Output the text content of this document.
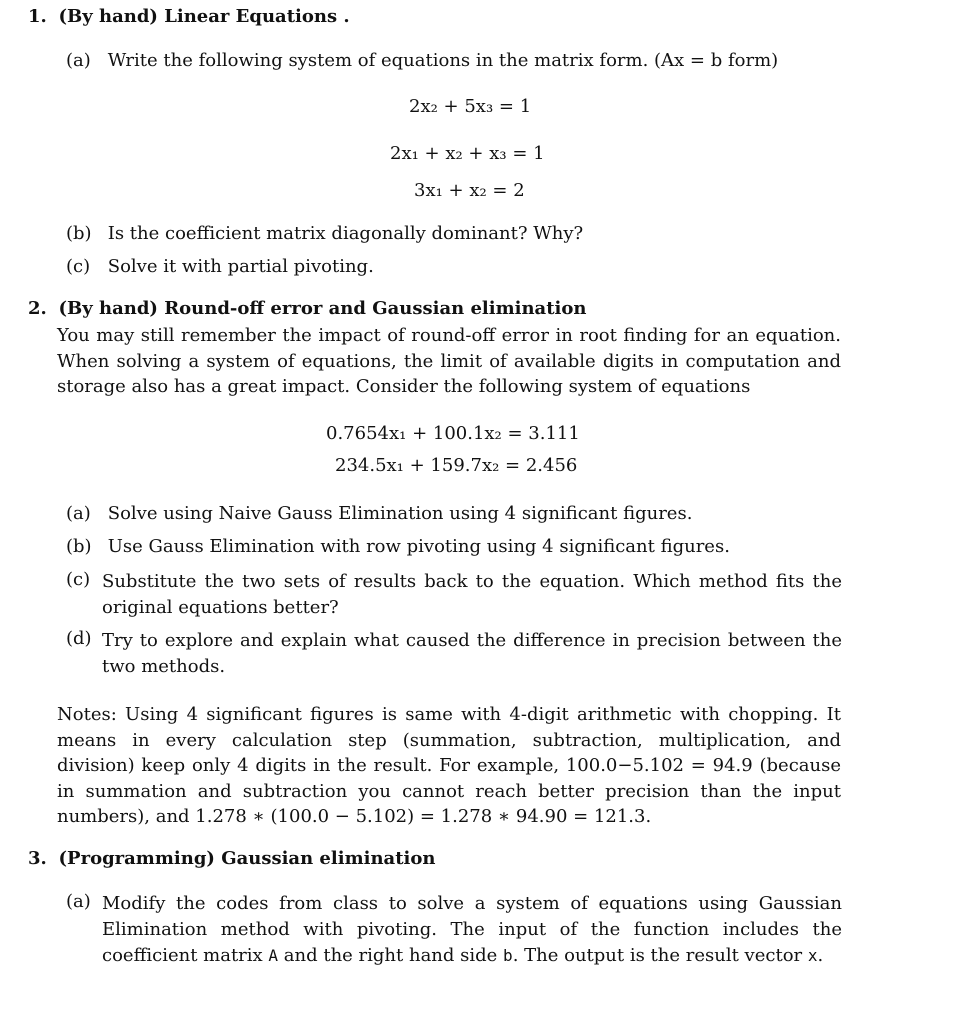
1. (By hand) Linear Equations .
(a) Write the following system of equations in the matrix form. (Ax = b form)
2x₂ + 5x₃ = 1
2x₁ + x₂ + x₃ = 1
3x₁ + x₂ = 2
(b) Is the coefficient matrix diagonally dominant? Why?
(c) Solve it with partial pivoting.
2. (By hand) Round-off error and Gaussian elimination
You may still remember the impact of round-off error in root finding for an equation. When solving a system of equations, the limit of available digits in computation and storage also has a great impact. Consider the following system of equations
0.7654x₁ + 100.1x₂ = 3.111
234.5x₁ + 159.7x₂ = 2.456
(a) Solve using Naive Gauss Elimination using 4 significant figures.
(b) Use Gauss Elimination with row pivoting using 4 significant figures.
(c) Substitute the two sets of results back to the equation. Which method fits the original equations better?
(d) Try to explore and explain what caused the difference in precision between the two methods.
Notes: Using 4 significant figures is same with 4-digit arithmetic with chopping. It means in every calculation step (summation, subtraction, multiplication, and division) keep only 4 digits in the result. For example, 100.0−5.102 = 94.9 (because in summation and subtraction you cannot reach better precision than the input numbers), and 1.278 ∗ (100.0 − 5.102) = 1.278 ∗ 94.90 = 121.3.
3. (Programming) Gaussian elimination
(a) Modify the codes from class to solve a system of equations using Gaussian Elimination method with pivoting. The input of the function includes the coefficient matrix A and the right hand side b. The output is the result vector x.
